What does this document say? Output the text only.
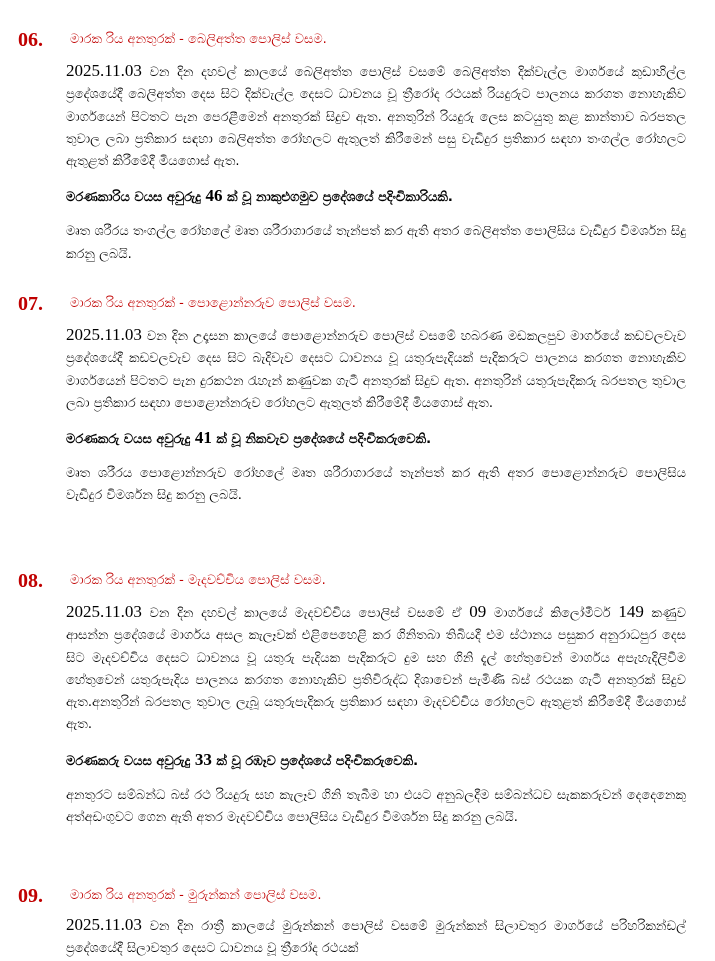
06. මාරක රිය අනතුරක් - බෙලිඅත්ත පොලිස් වසම.

2025.11.03 වන දින දහවල් කාලයේ බෙලිඅත්ත පොලිස් වසමේ බෙලිඅත්ත දික්වැල්ල මාර්ගයේ කුඩාහිල්ල ප්‍රදේශයේදී බෙලිඅත්ත දෙස සිට දික්වැල්ල දෙසට ධාවනය වූ ත්‍රීරෝද රථයක් රියදුරුට පාලනය කරගත නොහැකිව මාර්ගයෙන් පිටතට පැන පෙරළීමෙන් අනතුරක් සිදුව ඇත. අනතුරින් රියදුරු ලෙස කටයුතු කළ කාන්තාව බරපතල තුවාල ලබා ප්‍රතිකාර සඳහා බෙලිඅත්ත රෝහලට ඇතුලත් කිරීමෙන් පසු වැඩිදුර ප්‍රතිකාර සඳහා තංගල්ල රෝහලට ඇතුළත් කිරීමේදී මියගොස් ඇත.

මරණකාරිය වයස අවුරුදු 46 ක් වූ නාකුළුගමුව ප්‍රදේශයේ පදිංචිකාරියකි.

මෘත ශරීරය තංගල්ල රෝහලේ මෘත ශරීරාගාරයේ තැන්පත් කර ඇති අතර බෙලිඅත්ත පොලිසිය වැඩිදුර විමර්ශන සිදු කරනු ලබයි.

07. මාරක රිය අනතුරක් - පොළොන්නරුව පොලිස් වසම.

2025.11.03 වන දින උදෑසන කාලයේ පොළොන්නරුව පොලිස් වසමේ හබරණ මඩකලපුව මාර්ගයේ කඩවලවැව ප්‍රදේශයේදී කඩවලවැව දෙස සිට බැදිවැව දෙසට ධාවනය වූ යතුරුපැදියක් පැදිකරුට පාලනය කරගත නොහැකිව මාර්ගයෙන් පිටතට පැන දුරකථන රැහැන් කණුවක ගැටී අනතුරක් සිදුව ඇත. අනතුරින් යතුරුපැදිකරු බරපතල තුවාල ලබා ප්‍රතිකාර සඳහා පොළොන්නරුව රෝහලට ඇතුලත් කිරීමේදී මියගොස් ඇත.

මරණකරු වයස අවුරුදු 41 ක් වූ නිකවැව ප්‍රදේශයේ පදිංචිකරුවෙකි.

මෘත ශරීරය පොළොන්නරුව රෝහලේ මෘත ශරීරාගාරයේ තැන්පත් කර ඇති අතර පොළොන්නරුව පොලිසිය වැඩිදුර විමර්ශන සිදු කරනු ලබයි.

08. මාරක රිය අනතුරක් - මැදවච්චිය පොලිස් වසම.

2025.11.03 වන දින දහවල් කාලයේ මැදවච්චිය පොලිස් වසමේ ඒ 09 මාර්ගයේ කිලෝමීටර් 149 කණුව ආසන්න ප්‍රදේශයේ මාර්ගය අසල කැලෑවක් එළිපෙහෙළි කර ගිනිතබා තිබියදී එම ස්ථානය පසුකර අනුරාධපුර දෙස සිට මැදවච්චිය දෙසට ධාවනය වූ යතුරු පැදියක පැදිකරුට දුම සහ ගිනි දැල් හේතුවෙන් මාර්ගය අපැහැදිලිවීම හේතුවෙන් යතුරුපැදිය පාලනය කරගත නොහැකිව ප්‍රතිවිරුද්ධ දිශාවෙන් පැමිණි බස් රථයක ගැටී අනතුරක් සිදුව ඇත.අනතුරින් බරපතල තුවාල ලැබූ යතුරුපැදිකරු ප්‍රතිකාර සඳහා මැදවච්චිය රෝහලට ඇතුළත් කිරීමේදී මියගොස් ඇත.

මරණකරු වයස අවුරුදු 33 ක් වූ රඹෑව ප්‍රදේශයේ පදිංචිකරුවෙකි.

අනතුරට සම්බන්ධ බස් රථ රියදුරු සහ කැලෑව ගිනි තැබීම හා එයට අනුබලදීම සම්බන්ධව සැකකරුවන් දෙදෙනෙකු අත්අඩංගුවට ගෙන ඇති අතර මැදවච්චිය පොලිසිය වැඩිදුර විමර්ශන සිදු කරනු ලබයි.

09. මාරක රිය අනතුරක් - මුරුන්කන් පොලිස් වසම.

2025.11.03 වන දින රාත්‍රී කාලයේ මුරුන්කන් පොලිස් වසමේ මුරුන්කන් සිලාවතුර මාර්ගයේ පරිහරිකන්ඩල් ප්‍රදේශයේදී සිලාවතුර දෙසට ධාවනය වූ ත්‍රීරෝද රථයක්
